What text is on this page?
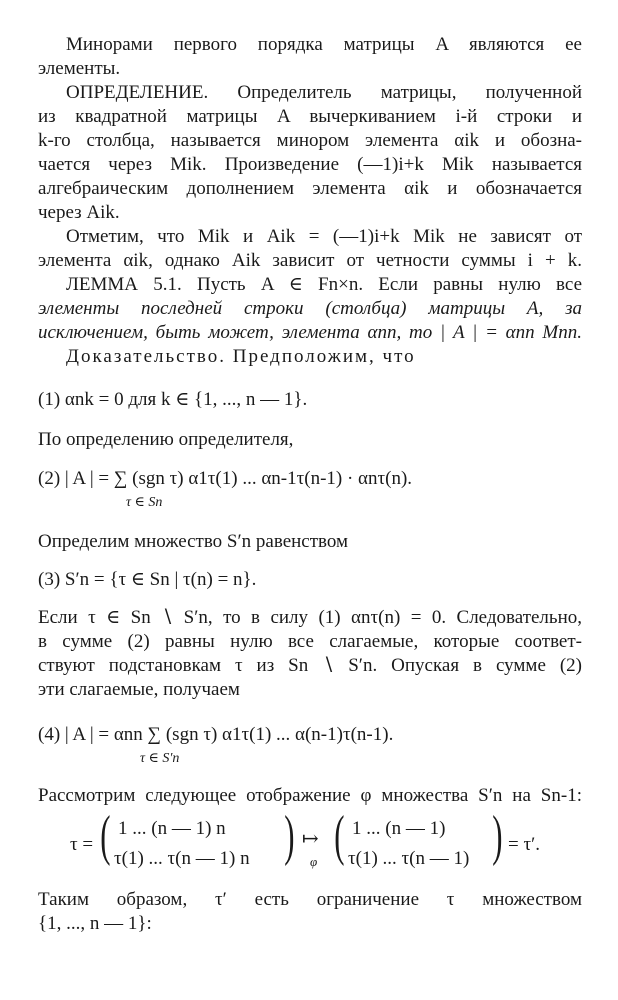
Минорами первого порядка матрицы A являются ее
элементы.
ОПРЕДЕЛЕНИЕ. Определитель матрицы, полученной
из квадратной матрицы A вычеркиванием i-й строки и
k-го столбца, называется минором элемента αik и обозна-
чается через Mik. Произведение (—1)i+k Mik называется
алгебраическим дополнением элемента αik и обозначается
через Aik.
Отметим, что Mik и Aik = (—1)i+k Mik не зависят от
элемента αik, однако Aik зависит от четности суммы i + k.
ЛЕММА 5.1. Пусть A ∈ Fn×n. Если равны нулю все
элементы последней строки (столбца) матрицы A, за
исключением, быть может, элемента αnn, то | A | = αnn Mnn.
Доказательство. Предположим, что
(1) αnk = 0 для k ∈ {1, ..., n — 1}.
По определению определителя,
(2) | A | = ∑ (sgn τ) α1τ(1) ... αn-1τ(n-1) · αnτ(n).
τ ∈ Sn
Определим множество S′n равенством
(3) S′n = {τ ∈ Sn | τ(n) = n}.
Если τ ∈ Sn ∖ S′n, то в силу (1) αnτ(n) = 0. Следовательно,
в сумме (2) равны нулю все слагаемые, которые соответ-
ствуют подстановкам τ из Sn ∖ S′n. Опуская в сумме (2)
эти слагаемые, получаем
(4) | A | = αnn ∑ (sgn τ) α1τ(1) ... α(n-1)τ(n-1).
τ ∈ S′n
Рассмотрим следующее отображение φ множества S′n на Sn-1:
τ = ( 1 ... (n — 1) n
τ(1) ... τ(n — 1) n ) ↦
φ ( 1 ... (n — 1)
τ(1) ... τ(n — 1) ) = τ′.
Таким образом, τ′ есть ограничение τ множеством
{1, ..., n — 1}:
